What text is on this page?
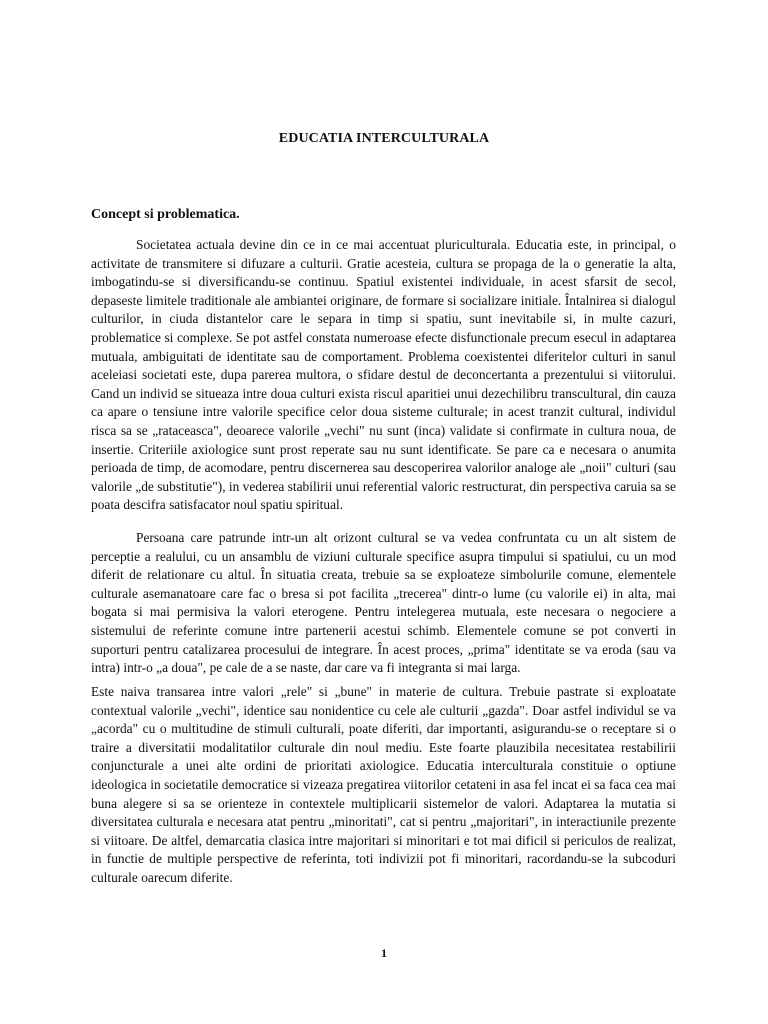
EDUCATIA INTERCULTURALA
Concept si problematica.

Societatea actuala devine din ce in ce mai accentuat pluriculturala. Educatia este, in principal, o activitate de transmitere si difuzare a culturii. Gratie acesteia, cultura se propaga de la o generatie la alta, imbogatindu-se si diversificandu-se continuu. Spatiul existentei individuale, in acest sfarsit de secol, depaseste limitele traditionale ale ambiantei originare, de formare si socializare initiale. Întalnirea si dialogul culturilor, in ciuda distantelor care le separa in timp si spatiu, sunt inevitabile si, in multe cazuri, problematice si complexe. Se pot astfel constata numeroase efecte disfunctionale precum esecul in adaptarea mutuala, ambiguitati de identitate sau de comportament. Problema coexistentei diferitelor culturi in sanul aceleiasi societati este, dupa parerea multora, o sfidare destul de deconcertanta a prezentului si viitorului. Cand un individ se situeaza intre doua culturi exista riscul aparitiei unui dezechilibru transcultural, din cauza ca apare o tensiune intre valorile specifice celor doua sisteme culturale; in acest tranzit cultural, individul risca sa se „rataceasca", deoarece valorile „vechi" nu sunt (inca) validate si confirmate in cultura noua, de insertie. Criteriile axiologice sunt prost reperate sau nu sunt identificate. Se pare ca e necesara o anumita perioada de timp, de acomodare, pentru discernerea sau descoperirea valorilor analoge ale „noii" culturi (sau valorile „de substitutie"), in vederea stabilirii unui referential valoric restructurat, din perspectiva caruia sa se poata descifra satisfacator noul spatiu spiritual.

Persoana care patrunde intr-un alt orizont cultural se va vedea confruntata cu un alt sistem de perceptie a realului, cu un ansamblu de viziuni culturale specifice asupra timpului si spatiului, cu un mod diferit de relationare cu altul. În situatia creata, trebuie sa se exploateze simbolurile comune, elementele culturale asemanatoare care fac o bresa si pot facilita „trecerea" dintr-o lume (cu valorile ei) in alta, mai bogata si mai permisiva la valori eterogene. Pentru intelegerea mutuala, este necesara o negociere a sistemului de referinte comune intre partenerii acestui schimb. Elementele comune se pot converti in suporturi pentru catalizarea procesului de integrare. În acest proces, „prima" identitate se va eroda (sau va intra) intr-o „a doua", pe cale de a se naste, dar care va fi integranta si mai larga.

Este naiva transarea intre valori „rele" si „bune" in materie de cultura. Trebuie pastrate si exploatate contextual valorile „vechi", identice sau nonidentice cu cele ale culturii „gazda". Doar astfel individul se va „acorda" cu o multitudine de stimuli culturali, poate diferiti, dar importanti, asigurandu-se o receptare si o traire a diversitatii modalitatilor culturale din noul mediu. Este foarte plauzibila necesitatea restabilirii conjuncturale a unei alte ordini de prioritati axiologice. Educatia interculturala constituie o optiune ideologica in societatile democratice si vizeaza pregatirea viitorilor cetateni in asa fel incat ei sa faca cea mai buna alegere si sa se orienteze in contextele multiplicarii sistemelor de valori. Adaptarea la mutatia si diversitatea culturala e necesara atat pentru „minoritati", cat si pentru „majoritari", in interactiunile prezente si viitoare. De altfel, demarcatia clasica intre majoritari si minoritari e tot mai dificil si periculos de realizat, in functie de multiple perspective de referinta, toti indivizii pot fi minoritari, racordandu-se la subcoduri culturale oarecum diferite.

1
